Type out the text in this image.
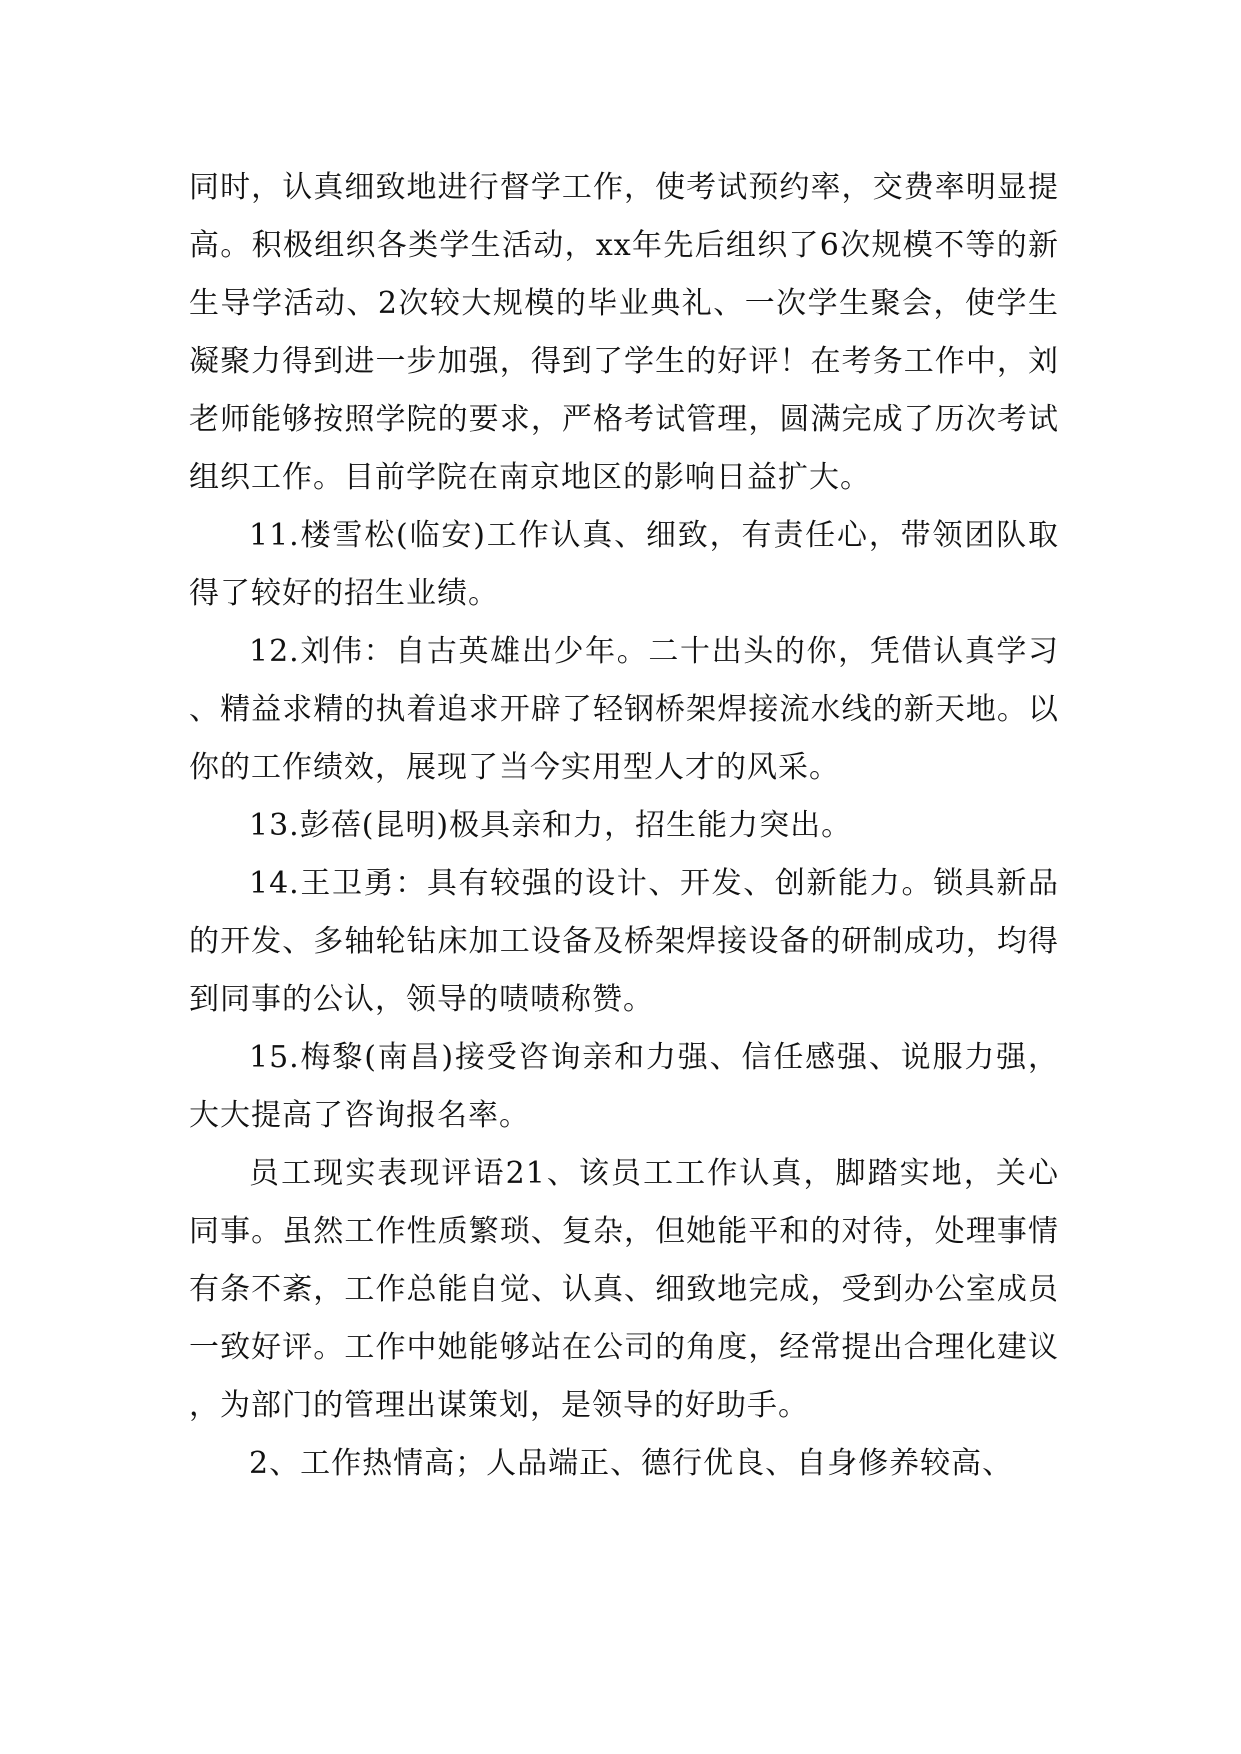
同时，认真细致地进行督学工作，使考试预约率，交费率明显提高。积极组织各类学生活动，xx年先后组织了6次规模不等的新生导学活动、2次较大规模的毕业典礼、一次学生聚会，使学生凝聚力得到进一步加强，得到了学生的好评！在考务工作中，刘老师能够按照学院的要求，严格考试管理，圆满完成了历次考试组织工作。目前学院在南京地区的影响日益扩大。

11.楼雪松(临安)工作认真、细致，有责任心，带领团队取得了较好的招生业绩。

12.刘伟：自古英雄出少年。二十出头的你，凭借认真学习、精益求精的执着追求开辟了轻钢桥架焊接流水线的新天地。以你的工作绩效，展现了当今实用型人才的风采。

13.彭蓓(昆明)极具亲和力，招生能力突出。

14.王卫勇：具有较强的设计、开发、创新能力。锁具新品的开发、多轴轮钻床加工设备及桥架焊接设备的研制成功，均得到同事的公认，领导的啧啧称赞。

15.梅黎(南昌)接受咨询亲和力强、信任感强、说服力强，大大提高了咨询报名率。

员工现实表现评语21、该员工工作认真，脚踏实地，关心同事。虽然工作性质繁琐、复杂，但她能平和的对待，处理事情有条不紊，工作总能自觉、认真、细致地完成，受到办公室成员一致好评。工作中她能够站在公司的角度，经常提出合理化建议，为部门的管理出谋策划，是领导的好助手。

2、工作热情高；人品端正、德行优良、自身修养较高、
